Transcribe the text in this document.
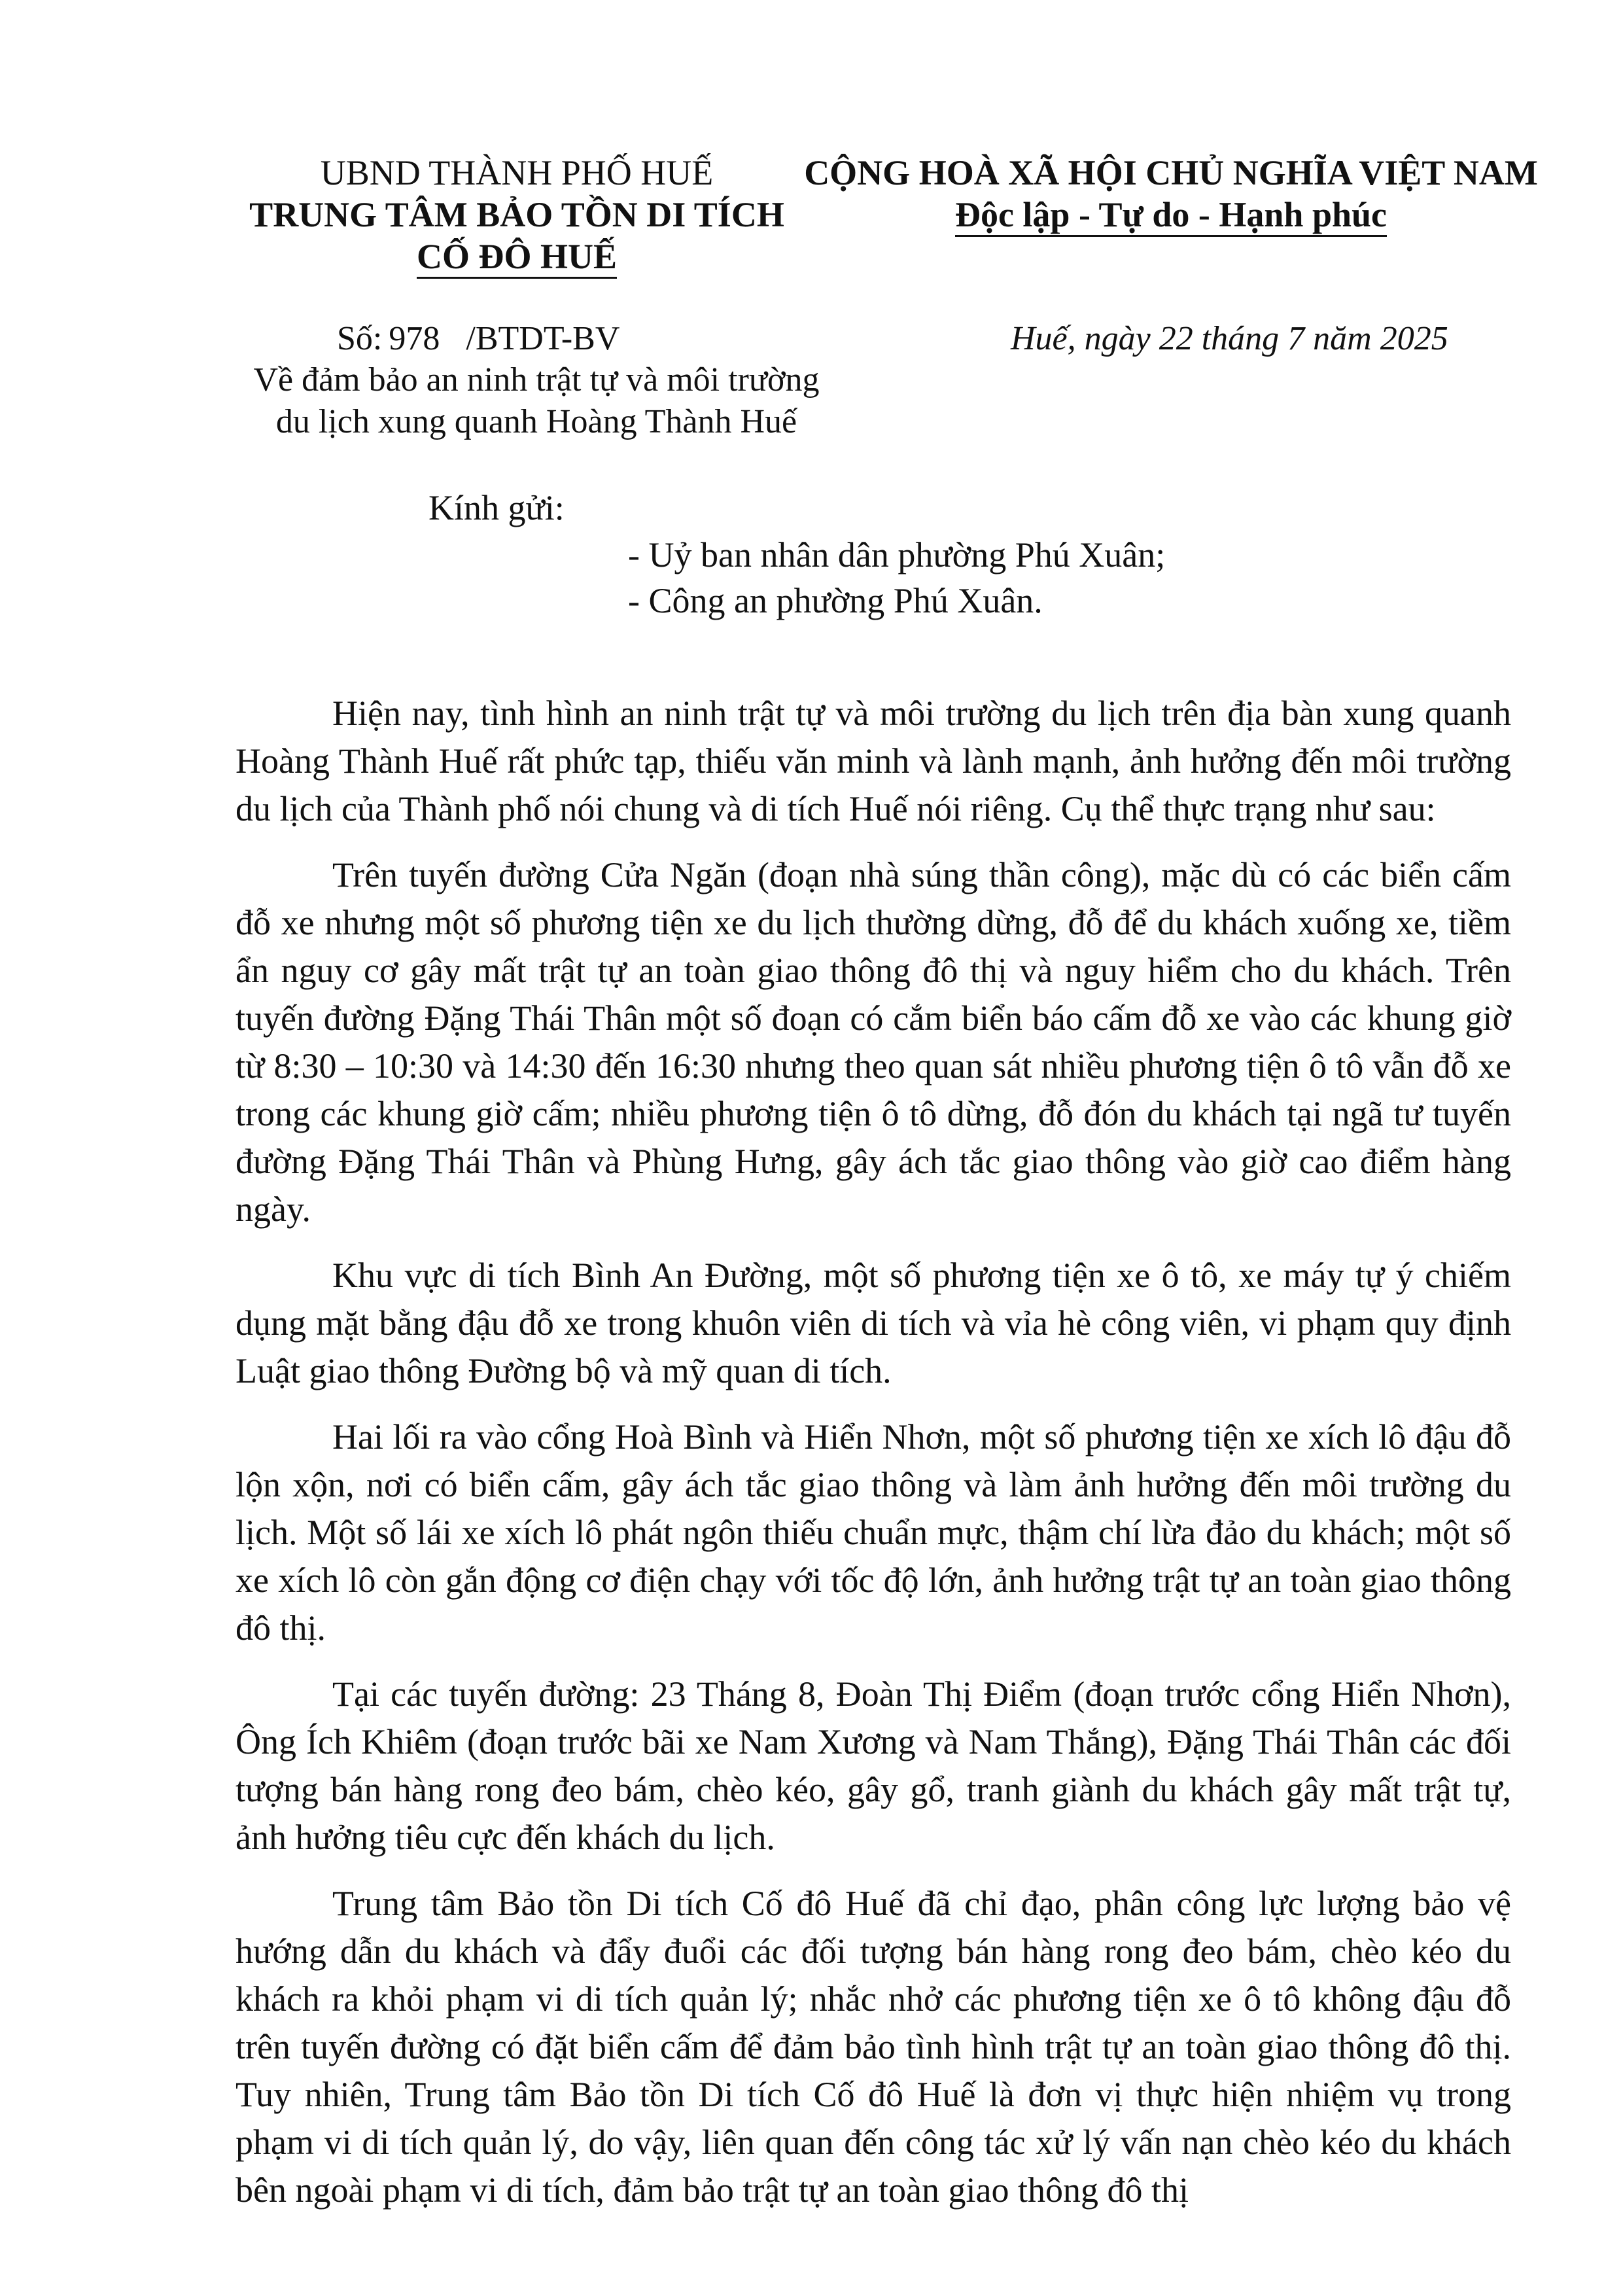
UBND THÀNH PHỐ HUẾ
TRUNG TÂM BẢO TỒN DI TÍCH
CỐ ĐÔ HUẾ
CỘNG HOÀ XÃ HỘI CHỦ NGHĨA VIỆT NAM
Độc lập - Tự do - Hạnh phúc
Số: 978 /BTDT-BV	Huế, ngày 22 tháng 7 năm 2025
Về đảm bảo an ninh trật tự và môi trường
du lịch xung quanh Hoàng Thành Huế
Kính gửi:
- Uỷ ban nhân dân phường Phú Xuân;
- Công an phường Phú Xuân.

Hiện nay, tình hình an ninh trật tự và môi trường du lịch trên địa bàn xung quanh Hoàng Thành Huế rất phức tạp, thiếu văn minh và lành mạnh, ảnh hưởng đến môi trường du lịch của Thành phố nói chung và di tích Huế nói riêng. Cụ thể thực trạng như sau:

Trên tuyến đường Cửa Ngăn (đoạn nhà súng thần công), mặc dù có các biển cấm đỗ xe nhưng một số phương tiện xe du lịch thường dừng, đỗ để du khách xuống xe, tiềm ẩn nguy cơ gây mất trật tự an toàn giao thông đô thị và nguy hiểm cho du khách. Trên tuyến đường Đặng Thái Thân một số đoạn có cắm biển báo cấm đỗ xe vào các khung giờ từ 8:30 – 10:30 và 14:30 đến 16:30 nhưng theo quan sát nhiều phương tiện ô tô vẫn đỗ xe trong các khung giờ cấm; nhiều phương tiện ô tô dừng, đỗ đón du khách tại ngã tư tuyến đường Đặng Thái Thân và Phùng Hưng, gây ách tắc giao thông vào giờ cao điểm hàng ngày.

Khu vực di tích Bình An Đường, một số phương tiện xe ô tô, xe máy tự ý chiếm dụng mặt bằng đậu đỗ xe trong khuôn viên di tích và vỉa hè công viên, vi phạm quy định Luật giao thông Đường bộ và mỹ quan di tích.

Hai lối ra vào cổng Hoà Bình và Hiển Nhơn, một số phương tiện xe xích lô đậu đỗ lộn xộn, nơi có biển cấm, gây ách tắc giao thông và làm ảnh hưởng đến môi trường du lịch. Một số lái xe xích lô phát ngôn thiếu chuẩn mực, thậm chí lừa đảo du khách; một số xe xích lô còn gắn động cơ điện chạy với tốc độ lớn, ảnh hưởng trật tự an toàn giao thông đô thị.

Tại các tuyến đường: 23 Tháng 8, Đoàn Thị Điểm (đoạn trước cổng Hiển Nhơn), Ông Ích Khiêm (đoạn trước bãi xe Nam Xương và Nam Thắng), Đặng Thái Thân các đối tượng bán hàng rong đeo bám, chèo kéo, gây gổ, tranh giành du khách gây mất trật tự, ảnh hưởng tiêu cực đến khách du lịch.

Trung tâm Bảo tồn Di tích Cố đô Huế đã chỉ đạo, phân công lực lượng bảo vệ hướng dẫn du khách và đẩy đuổi các đối tượng bán hàng rong đeo bám, chèo kéo du khách ra khỏi phạm vi di tích quản lý; nhắc nhở các phương tiện xe ô tô không đậu đỗ trên tuyến đường có đặt biển cấm để đảm bảo tình hình trật tự an toàn giao thông đô thị. Tuy nhiên, Trung tâm Bảo tồn Di tích Cố đô Huế là đơn vị thực hiện nhiệm vụ trong phạm vi di tích quản lý, do vậy, liên quan đến công tác xử lý vấn nạn chèo kéo du khách bên ngoài phạm vi di tích, đảm bảo trật tự an toàn giao thông đô thị
